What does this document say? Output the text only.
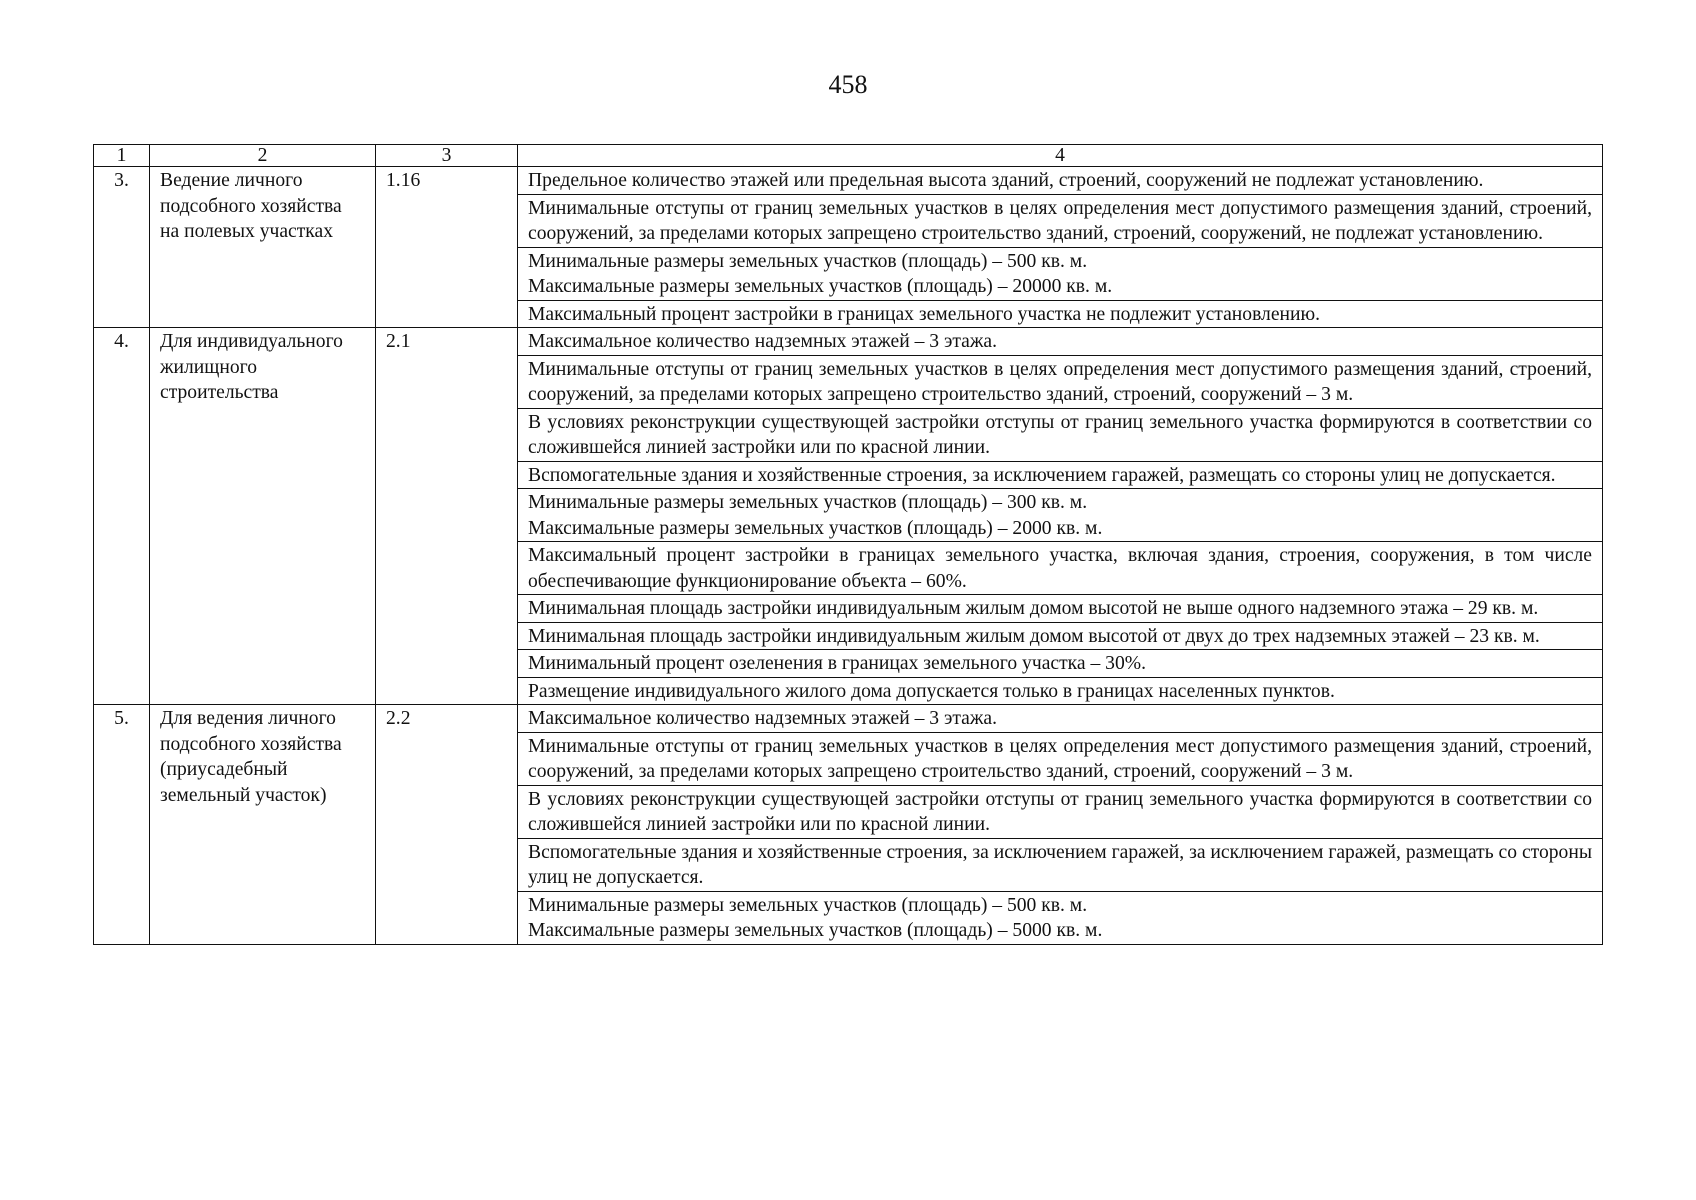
458
1	2	3	4
3.	Ведение личного подсобного хозяйства на полевых участках	1.16	Предельное количество этажей или предельная высота зданий, строений, сооружений не подлежат установлению.
			Минимальные отступы от границ земельных участков в целях определения мест допустимого размещения зданий, строений, сооружений, за пределами которых запрещено строительство зданий, строений, сооружений, не подлежат установлению.
			Минимальные размеры земельных участков (площадь) – 500 кв. м.
Максимальные размеры земельных участков (площадь) – 20000 кв. м.
			Максимальный процент застройки в границах земельного участка не подлежит установлению.
4.	Для индивидуального жилищного строительства	2.1	Максимальное количество надземных этажей – 3 этажа.
			Минимальные отступы от границ земельных участков в целях определения мест допустимого размещения зданий, строений, сооружений, за пределами которых запрещено строительство зданий, строений, сооружений – 3 м.
			В условиях реконструкции существующей застройки отступы от границ земельного участка формируются в соответствии со сложившейся линией застройки или по красной линии.
			Вспомогательные здания и хозяйственные строения, за исключением гаражей, размещать со стороны улиц не допускается.
			Минимальные размеры земельных участков (площадь) – 300 кв. м.
Максимальные размеры земельных участков (площадь) – 2000 кв. м.
			Максимальный процент застройки в границах земельного участка, включая здания, строения, сооружения, в том числе обеспечивающие функционирование объекта – 60%.
			Минимальная площадь застройки индивидуальным жилым домом высотой не выше одного надземного этажа – 29 кв. м.
			Минимальная площадь застройки индивидуальным жилым домом высотой от двух до трех надземных этажей – 23 кв. м.
			Минимальный процент озеленения в границах земельного участка – 30%.
			Размещение индивидуального жилого дома допускается только в границах населенных пунктов.
5.	Для ведения личного подсобного хозяйства (приусадебный земельный участок)	2.2	Максимальное количество надземных этажей – 3 этажа.
			Минимальные отступы от границ земельных участков в целях определения мест допустимого размещения зданий, строений, сооружений, за пределами которых запрещено строительство зданий, строений, сооружений – 3 м.
			В условиях реконструкции существующей застройки отступы от границ земельного участка формируются в соответствии со сложившейся линией застройки или по красной линии.
			Вспомогательные здания и хозяйственные строения, за исключением гаражей, за исключением гаражей, размещать со стороны улиц не допускается.
			Минимальные размеры земельных участков (площадь) – 500 кв. м.
Максимальные размеры земельных участков (площадь) – 5000 кв. м.
